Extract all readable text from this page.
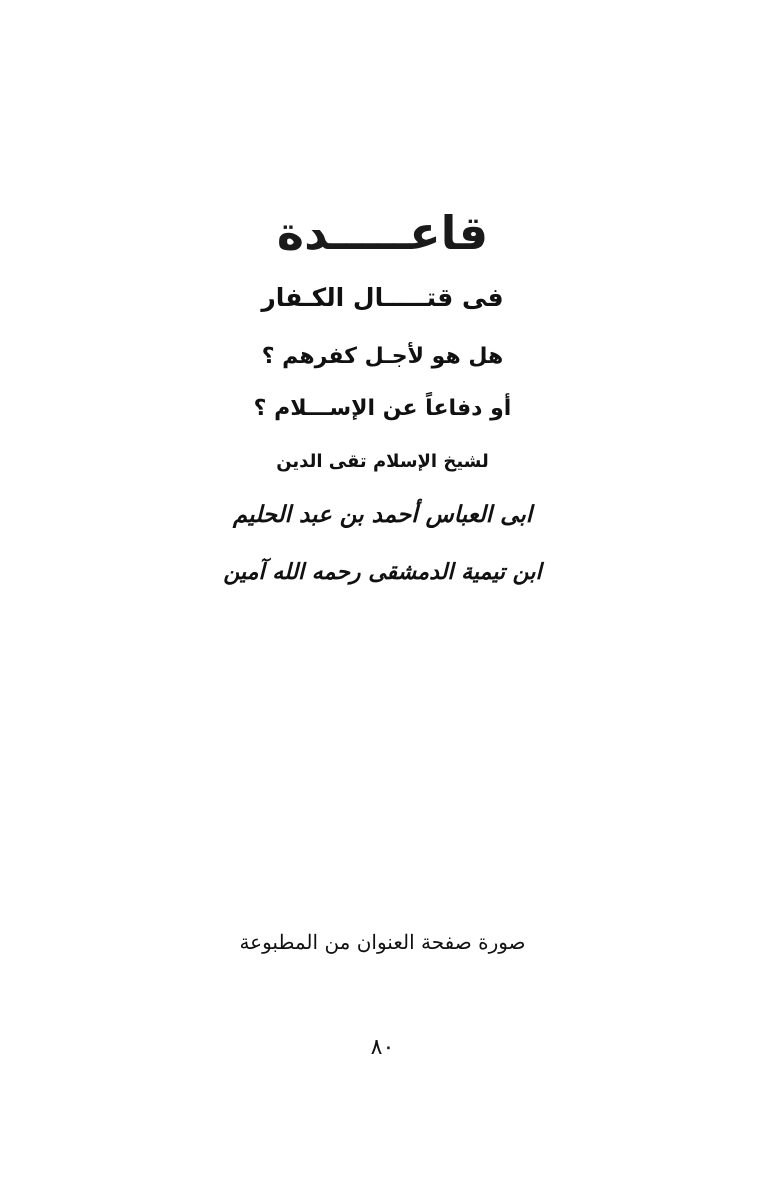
قاعـــــدة
فى قتـــــال الكـفار
هل هو لأجـل كفرهم ؟
أو دفاعاً عن الإســـلام ؟
لشيخ الإسلام تقى الدين
ابى العباس أحمد بن عبد الحليم
ابن تيمية الدمشقى رحمه الله آمين
صورة صفحة العنوان من المطبوعة
٨٠
